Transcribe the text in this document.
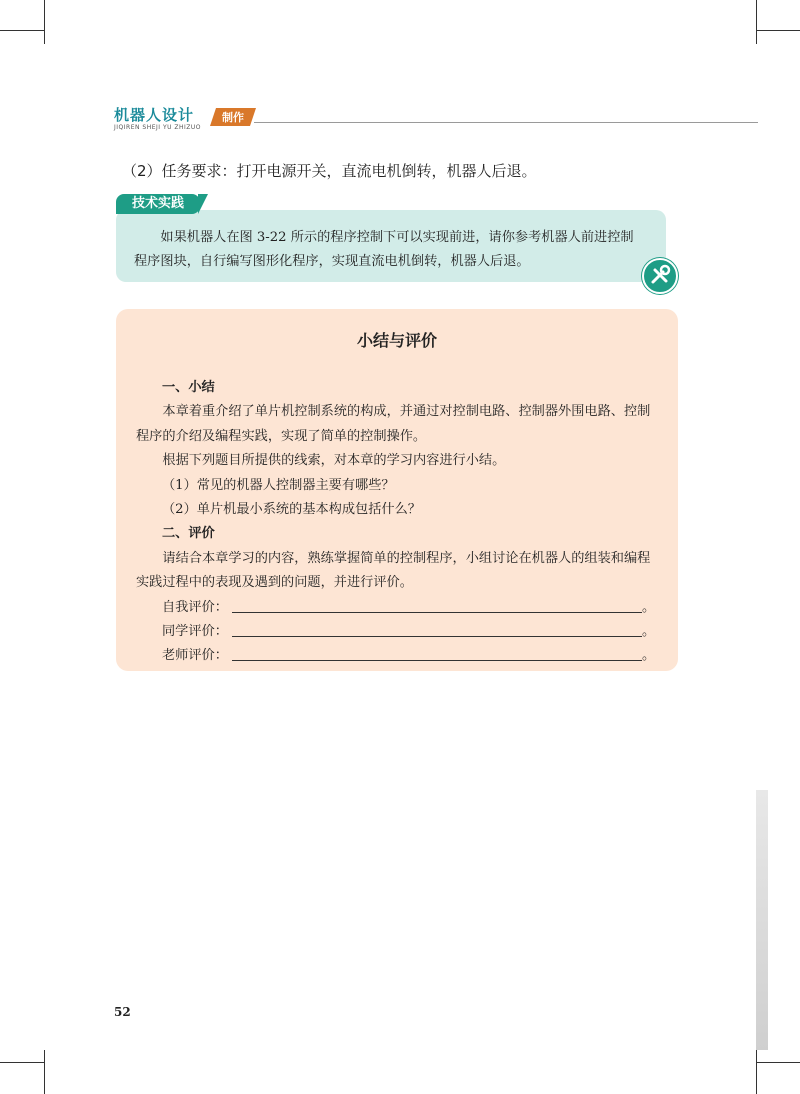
机器人设计
JIQIREN SHEJI YU ZHIZUO
制作
（2）任务要求：打开电源开关，直流电机倒转，机器人后退。
技术实践
如果机器人在图 3-22 所示的程序控制下可以实现前进，请你参考机器人前进控制程序图块，自行编写图形化程序，实现直流电机倒转，机器人后退。
小结与评价

一、小结

本章着重介绍了单片机控制系统的构成，并通过对控制电路、控制器外围电路、控制程序的介绍及编程实践，实现了简单的控制操作。

根据下列题目所提供的线索，对本章的学习内容进行小结。

（1）常见的机器人控制器主要有哪些？

（2）单片机最小系统的基本构成包括什么？

二、评价

请结合本章学习的内容，熟练掌握简单的控制程序，小组讨论在机器人的组装和编程实践过程中的表现及遇到的问题，并进行评价。

自我评价：	。

同学评价：	。

老师评价：	。

52
